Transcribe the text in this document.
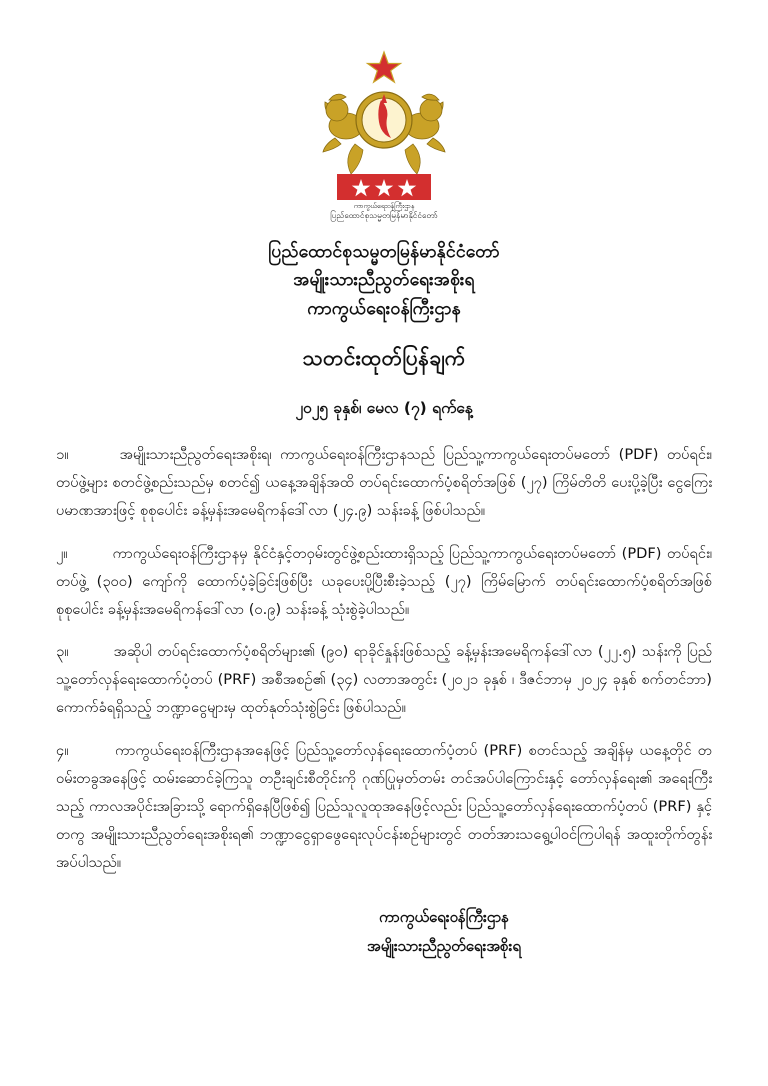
ကာကွယ်ရေးဝန်ကြီးဌာန
ပြည်ထောင်စုသမ္မတမြန်မာနိုင်ငံတော်
ပြည်ထောင်စုသမ္မတမြန်မာနိုင်ငံတော်
အမျိုးသားညီညွတ်ရေးအစိုးရ
ကာကွယ်ရေးဝန်ကြီးဌာန
သတင်းထုတ်ပြန်ချက်
၂၀၂၅ ခုနှစ်၊ မေလ (၇) ရက်နေ့

၁။	အမျိုးသားညီညွတ်ရေးအစိုးရ၊ ကာကွယ်ရေးဝန်ကြီးဌာနသည် ပြည်သူ့ကာကွယ်ရေးတပ်မတော် (PDF) တပ်ရင်း၊ တပ်ဖွဲ့များ စတင်ဖွဲ့စည်းသည်မှ စတင်၍ ယနေ့အချိန်အထိ တပ်ရင်းထောက်ပံ့စရိတ်အဖြစ် (၂၇) ကြိမ်တိတိ ပေးပို့ခဲ့ပြီး ငွေကြေးပမာဏအားဖြင့် စုစုပေါင်း ခန့်မှန်းအမေရိကန်ဒေါ်လာ (၂၄.၉) သန်းခန့် ဖြစ်ပါသည်။

၂။	ကာကွယ်ရေးဝန်ကြီးဌာနမှ နိုင်ငံနှင့်တဝှမ်းတွင်ဖွဲ့စည်းထားရှိသည့် ပြည်သူ့ကာကွယ်ရေးတပ်မတော် (PDF) တပ်ရင်း၊ တပ်ဖွဲ့ (၃၀၀) ကျော်ကို ထောက်ပံ့ခဲ့ခြင်းဖြစ်ပြီး ယခုပေးပို့ပြီးစီးခဲ့သည့် (၂၇) ကြိမ်မြောက် တပ်ရင်းထောက်ပံ့စရိတ်အဖြစ် စုစုပေါင်း ခန့်မှန်းအမေရိကန်ဒေါ်လာ (၀.၉) သန်းခန့် သုံးစွဲခဲ့ပါသည်။

၃။	အဆိုပါ တပ်ရင်းထောက်ပံ့စရိတ်များ၏ (၉၀) ရာခိုင်နှုန်းဖြစ်သည့် ခန့်မှန်းအမေရိကန်ဒေါ်လာ (၂၂.၅) သန်းကို ပြည်သူ့တော်လှန်ရေးထောက်ပံ့တပ် (PRF) အစီအစဉ်၏ (၃၄) လတာအတွင်း (၂၀၂၁ ခုနှစ် ၊ ဒီဇင်ဘာမှ ၂၀၂၄ ခုနှစ် စက်တင်ဘာ) ကောက်ခံရရှိသည့် ဘဏ္ဍာငွေများမှ ထုတ်နုတ်သုံးစွဲခြင်း ဖြစ်ပါသည်။

၄။	ကာကွယ်ရေးဝန်ကြီးဌာနအနေဖြင့် ပြည်သူ့တော်လှန်ရေးထောက်ပံ့တပ် (PRF) စတင်သည့် အချိန်မှ ယနေ့တိုင် တဝမ်းတခွအနေဖြင့် ထမ်းဆောင်ခဲ့ကြသူ တဦးချင်းစီတိုင်းကို ဂုဏ်ပြုမှတ်တမ်း တင်အပ်ပါကြောင်းနှင့် တော်လှန်ရေး၏ အရေးကြီးသည့် ကာလအပိုင်းအခြားသို့ ရောက်ရှိနေပြီဖြစ်၍ ပြည်သူလူထုအနေဖြင့်လည်း ပြည်သူ့တော်လှန်ရေးထောက်ပံ့တပ် (PRF) နှင့်တကွ အမျိုးသားညီညွတ်ရေးအစိုးရ၏ ဘဏ္ဍာငွေရှာဖွေရေးလုပ်ငန်းစဉ်များတွင် တတ်အားသရွေ့ပါဝင်ကြပါရန် အထူးတိုက်တွန်းအပ်ပါသည်။

ကာကွယ်ရေးဝန်ကြီးဌာန
အမျိုးသားညီညွတ်ရေးအစိုးရ
